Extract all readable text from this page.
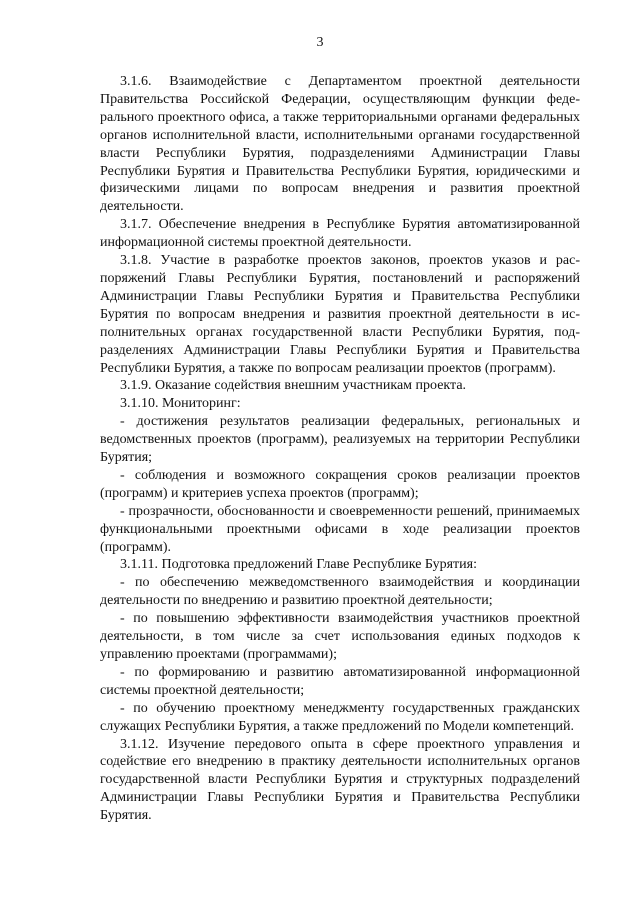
3

3.1.6. Взаимодействие с Департаментом проектной деятельности Правительства Российской Федерации, осуществляющим функции федерального проектного офиса, а также территориальными органами федеральных органов исполнительной власти, исполнительными органами государственной власти Республики Бурятия, подразделениями Администрации Главы Республики Бурятия и Правительства Республики Бурятия, юридическими и физическими лицами по вопросам внедрения и развития проектной деятельности.

3.1.7. Обеспечение внедрения в Республике Бурятия автоматизированной информационной системы проектной деятельности.

3.1.8. Участие в разработке проектов законов, проектов указов и распоряжений Главы Республики Бурятия, постановлений и распоряжений Администрации Главы Республики Бурятия и Правительства Республики Бурятия по вопросам внедрения и развития проектной деятельности в исполнительных органах государственной власти Республики Бурятия, подразделениях Администрации Главы Республики Бурятия и Правительства Республики Бурятия, а также по вопросам реализации проектов (программ).

3.1.9. Оказание содействия внешним участникам проекта.

3.1.10. Мониторинг:

- достижения результатов реализации федеральных, региональных и ведомственных проектов (программ), реализуемых на территории Республики Бурятия;

- соблюдения и возможного сокращения сроков реализации проектов (программ) и критериев успеха проектов (программ);

- прозрачности, обоснованности и своевременности решений, принимаемых функциональными проектными офисами в ходе реализации проектов (программ).

3.1.11. Подготовка предложений Главе Республике Бурятия:

- по обеспечению межведомственного взаимодействия и координации деятельности по внедрению и развитию проектной деятельности;

- по повышению эффективности взаимодействия участников проектной деятельности, в том числе за счет использования единых подходов к управлению проектами (программами);

- по формированию и развитию автоматизированной информационной системы проектной деятельности;

- по обучению проектному менеджменту государственных гражданских служащих Республики Бурятия, а также предложений по Модели компетенций.

3.1.12. Изучение передового опыта в сфере проектного управления и содействие его внедрению в практику деятельности исполнительных органов государственной власти Республики Бурятия и структурных подразделений Администрации Главы Республики Бурятия и Правительства Республики Бурятия.
